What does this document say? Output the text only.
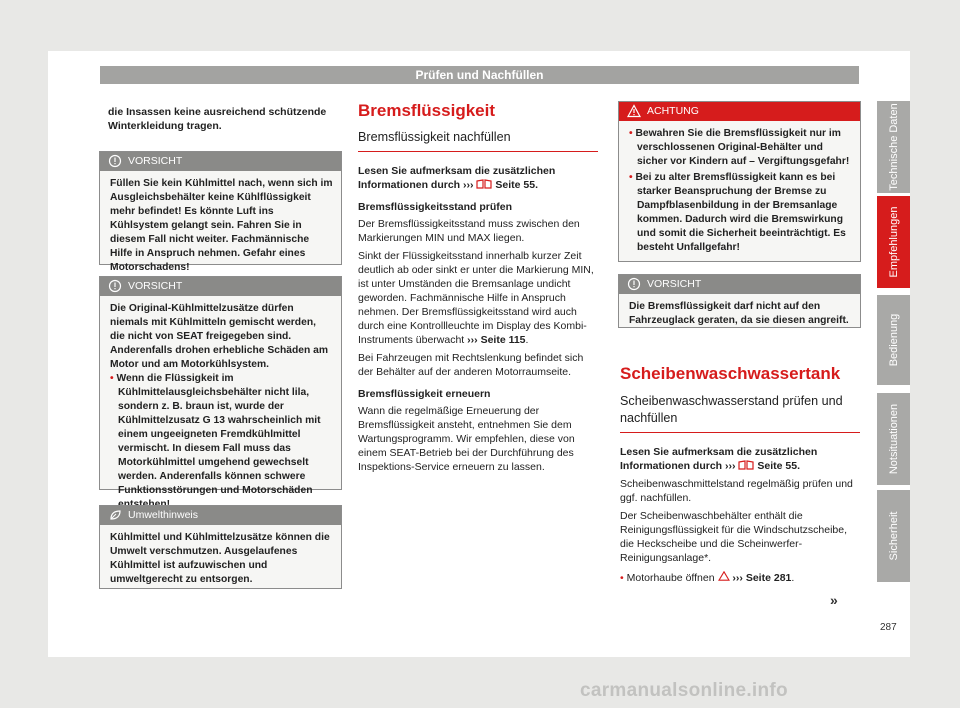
Prüfen und Nachfüllen
die Insassen keine ausreichend schützende Winterkleidung tragen.
VORSICHT

Füllen Sie kein Kühlmittel nach, wenn sich im Ausgleichsbehälter keine Kühlflüssigkeit mehr befindet! Es könnte Luft ins Kühlsystem gelangt sein. Fahren Sie in diesem Fall nicht weiter. Fachmännische Hilfe in Anspruch nehmen. Gefahr eines Motorschadens!

VORSICHT

Die Original-Kühlmittelzusätze dürfen niemals mit Kühlmitteln gemischt werden, die nicht von SEAT freigegeben sind. Anderenfalls drohen erhebliche Schäden am Motor und am Motorkühlsystem.

• Wenn die Flüssigkeit im Kühlmittelausgleichsbehälter nicht lila, sondern z. B. braun ist, wurde der Kühlmittelzusatz G 13 wahrscheinlich mit einem ungeeigneten Fremdkühlmittel vermischt. In diesem Fall muss das Motorkühlmittel umgehend gewechselt werden. Anderenfalls können schwere Funktionsstörungen und Motorschäden

Umwelthinweis

Kühlmittel und Kühlmittelzusätze können die Umwelt verschmutzen. Ausgelaufenes Kühlmittel ist aufzuwischen und umweltgerecht zu entsorgen.

Bremsflüssigkeit
Bremsflüssigkeit nachfüllen

Lesen Sie aufmerksam die zusätzlichen Informationen durch ››› Seite 55.

Bremsflüssigkeitsstand prüfen

Der Bremsflüssigkeitsstand muss zwischen den Markierungen MIN und MAX liegen.

Sinkt der Flüssigkeitsstand innerhalb kurzer Zeit deutlich ab oder sinkt er unter die Markierung MIN, ist unter Umständen die Bremsanlage undicht geworden. Fachmännische Hilfe in Anspruch nehmen. Der Bremsflüssigkeitsstand wird auch durch eine Kontrollleuchte im Display des Kombi-Instruments überwacht ››› Seite 115.

Bei Fahrzeugen mit Rechtslenkung befindet sich der Behälter auf der anderen Motorraumseite.

Bremsflüssigkeit erneuern

Wann die regelmäßige Erneuerung der Bremsflüssigkeit ansteht, entnehmen Sie dem Wartungsprogramm. Wir empfehlen, diese von einem SEAT-Betrieb bei der Durchführung des Inspektions-Service erneuern zu lassen.

ACHTUNG

• Bewahren Sie die Bremsflüssigkeit nur im verschlossenen Original-Behälter und sicher vor Kindern auf – Vergiftungsgefahr!

• Bei zu alter Bremsflüssigkeit kann es bei starker Beanspruchung der Bremse zu Dampfblasenbildung in der Bremsanlage kommen. Dadurch wird die Bremswirkung und somit die Sicherheit beeinträchtigt. Es besteht Unfallgefahr!

VORSICHT

Die Bremsflüssigkeit darf nicht auf den Fahrzeuglack geraten, da sie diesen angreift.

Scheibenwaschwassertank
Scheibenwaschwasserstand prüfen und nachfüllen

Lesen Sie aufmerksam die zusätzlichen Informationen durch ››› Seite 55.

Scheibenwaschmittelstand regelmäßig prüfen und ggf. nachfüllen.

Der Scheibenwaschbehälter enthält die Reinigungsflüssigkeit für die Windschutzscheibe, die Heckscheibe und die Scheinwerfer-Reinigungsanlage*.

• Motorhaube öffnen ››› Seite 281.

»
Technische Daten
Empfehlungen
Bedienung
Notsituationen
Sicherheit
287
carmanualsonline.info
